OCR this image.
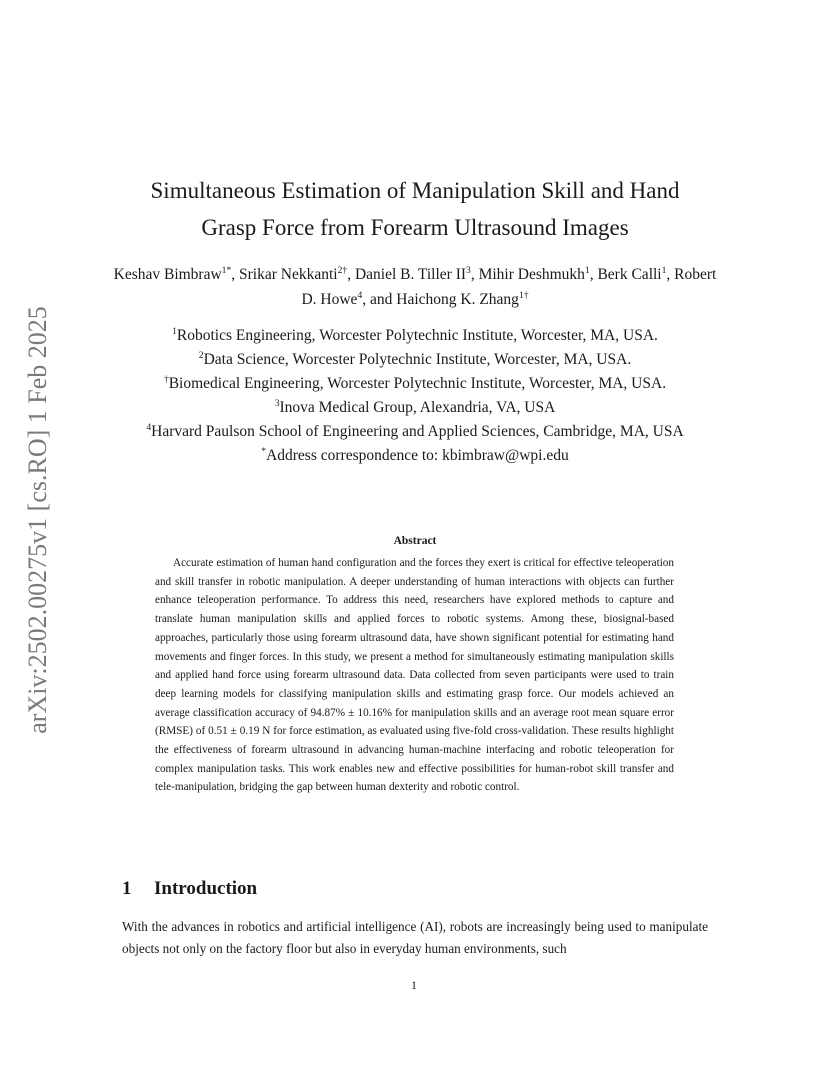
arXiv:2502.00275v1 [cs.RO] 1 Feb 2025
Simultaneous Estimation of Manipulation Skill and Hand
Grasp Force from Forearm Ultrasound Images
Keshav Bimbraw$^{1*}$, Srikar Nekkanti$^{2\dagger}$, Daniel B. Tiller $II^3$, Mihir Deshmukh$^1$, Berk Calli$^1$, Robert D. Howe$^4$, and Haichong K. Zhang$^{1\dagger}$
$^1$Robotics Engineering, Worcester Polytechnic Institute, Worcester, MA, USA.
$^2$Data Science, Worcester Polytechnic Institute, Worcester, MA, USA.
†Biomedical Engineering, Worcester Polytechnic Institute, Worcester, MA, USA.
$^3$Inova Medical Group, Alexandria, VA, USA
$^4$Harvard Paulson School of Engineering and Applied Sciences, Cambridge, MA, USA
*Address correspondence to: kbimbraw@wpi.edu
Abstract
Accurate estimation of human hand configuration and the forces they exert is critical for effective teleoperation and skill transfer in robotic manipulation. A deeper understanding of human interactions with objects can further enhance teleoperation performance. To address this need, researchers have explored methods to capture and translate human manipulation skills and applied forces to robotic systems. Among these, biosignal-based approaches, particularly those using forearm ultrasound data, have shown significant potential for estimating hand movements and finger forces. In this study, we present a method for simultaneously estimating manipulation skills and applied hand force using forearm ultrasound data. Data collected from seven participants were used to train deep learning models for classifying manipulation skills and estimating grasp force. Our models achieved an average classification accuracy of 94.87% ± 10.16% for manipulation skills and an average root mean square error (RMSE) of 0.51 ± 0.19 N for force estimation, as evaluated using five-fold cross-validation. These results highlight the effectiveness of forearm ultrasound in advancing human-machine interfacing and robotic teleoperation for complex manipulation tasks. This work enables new and effective possibilities for human-robot skill transfer and tele-manipulation, bridging the gap between human dexterity and robotic control.
1 Introduction
With the advances in robotics and artificial intelligence (AI), robots are increasingly being used to manipulate objects not only on the factory floor but also in everyday human environments, such
1
